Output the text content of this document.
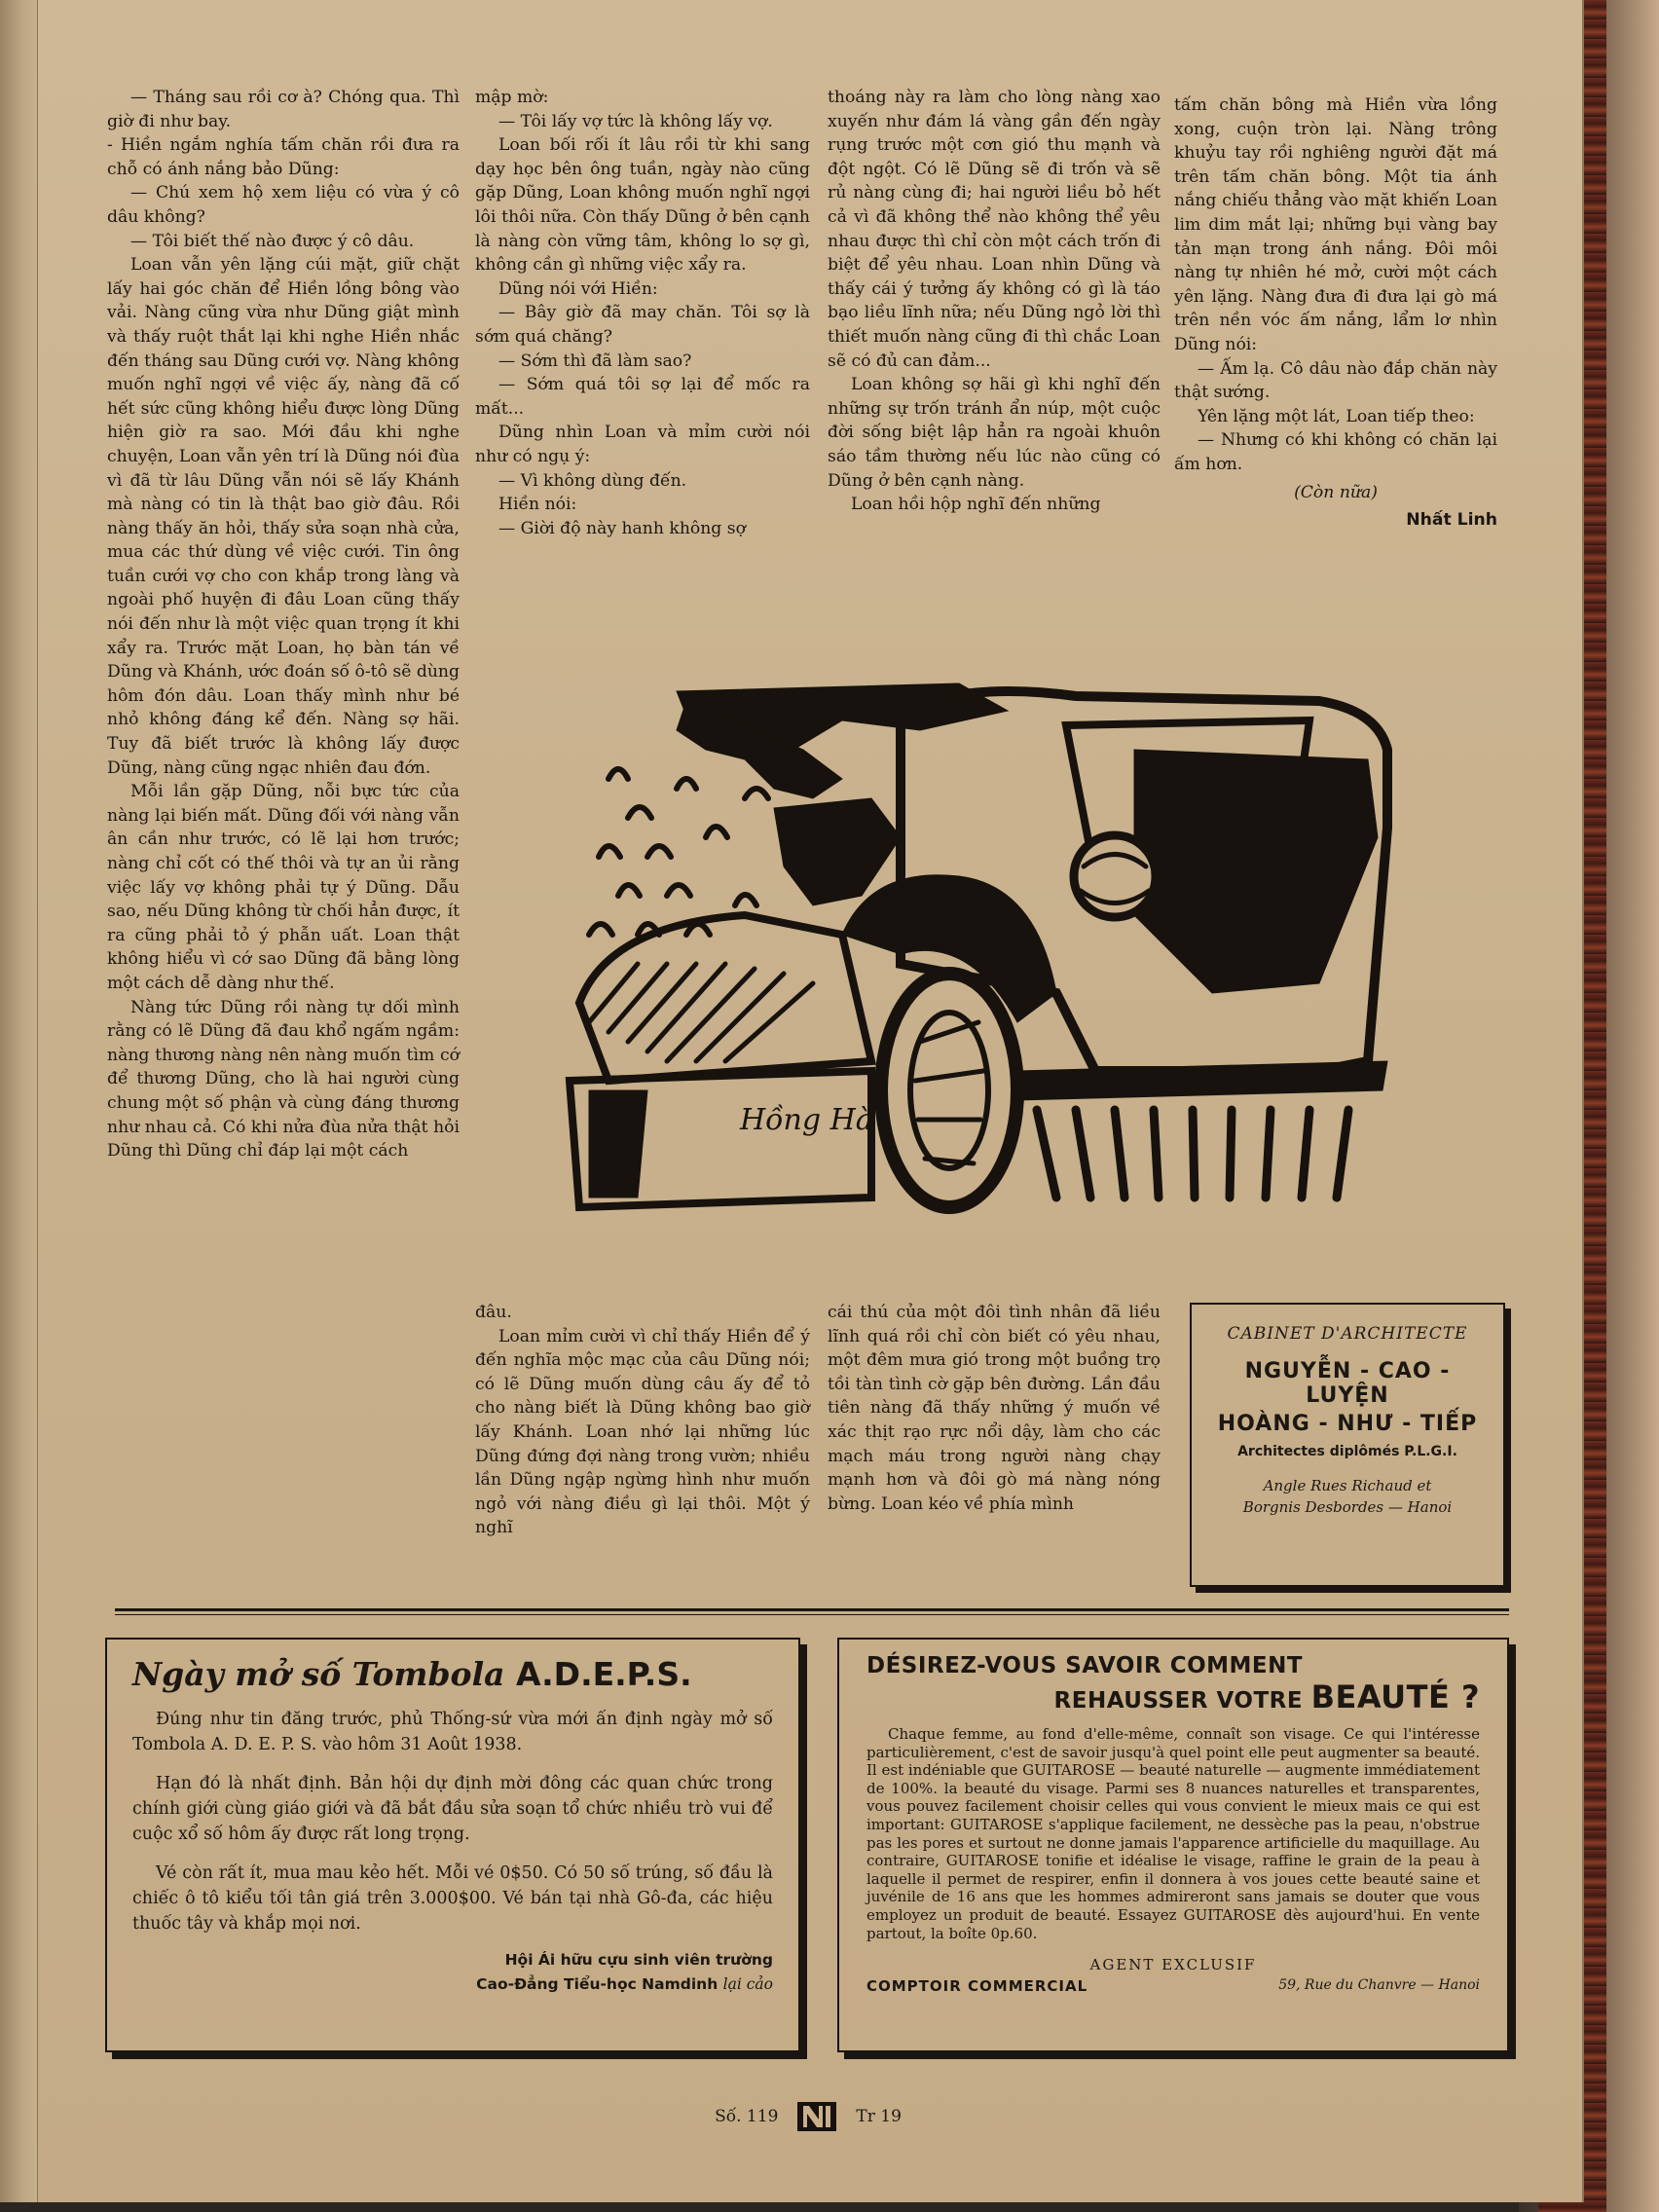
— Tháng sau rồi cơ à? Chóng qua. Thì giờ đi như bay.

- Hiền ngắm nghía tấm chăn rồi đưa ra chỗ có ánh nắng bảo Dũng:

— Chú xem hộ xem liệu có vừa ý cô dâu không?

— Tôi biết thế nào được ý cô dâu.

Loan vẫn yên lặng cúi mặt, giữ chặt lấy hai góc chăn để Hiền lồng bông vào vải. Nàng cũng vừa như Dũng giật mình và thấy ruột thắt lại khi nghe Hiền nhắc đến tháng sau Dũng cưới vợ. Nàng không muốn nghĩ ngợi về việc ấy, nàng đã cố hết sức cũng không hiểu được lòng Dũng hiện giờ ra sao. Mới đầu khi nghe chuyện, Loan vẫn yên trí là Dũng nói đùa vì đã từ lâu Dũng vẫn nói sẽ lấy Khánh mà nàng có tin là thật bao giờ đâu. Rồi nàng thấy ăn hỏi, thấy sửa soạn nhà cửa, mua các thứ dùng về việc cưới. Tin ông tuần cưới vợ cho con khắp trong làng và ngoài phố huyện đi đâu Loan cũng thấy nói đến như là một việc quan trọng ít khi xẩy ra. Trước mặt Loan, họ bàn tán về Dũng và Khánh, ước đoán số ô-tô sẽ dùng hôm đón dâu. Loan thấy mình như bé nhỏ không đáng kể đến. Nàng sợ hãi. Tuy đã biết trước là không lấy được Dũng, nàng cũng ngạc nhiên đau đớn.

Mỗi lần gặp Dũng, nỗi bực tức của nàng lại biến mất. Dũng đối với nàng vẫn ân cần như trước, có lẽ lại hơn trước; nàng chỉ cốt có thế thôi và tự an ủi rằng việc lấy vợ không phải tự ý Dũng. Dẫu sao, nếu Dũng không từ chối hẳn được, ít ra cũng phải tỏ ý phẫn uất. Loan thật không hiểu vì cớ sao Dũng đã bằng lòng một cách dễ dàng như thế.

Nàng tức Dũng rồi nàng tự dối mình rằng có lẽ Dũng đã đau khổ ngấm ngầm: nàng thương nàng nên nàng muốn tìm cớ để thương Dũng, cho là hai người cùng chung một số phận và cùng đáng thương như nhau cả. Có khi nửa đùa nửa thật hỏi Dũng thì Dũng chỉ đáp lại một cách

mập mờ:

— Tôi lấy vợ tức là không lấy vợ.

Loan bối rối ít lâu rồi từ khi sang dạy học bên ông tuần, ngày nào cũng gặp Dũng, Loan không muốn nghĩ ngợi lôi thôi nữa. Còn thấy Dũng ở bên cạnh là nàng còn vững tâm, không lo sợ gì, không cần gì những việc xẩy ra.

Dũng nói với Hiền:

— Bây giờ đã may chăn. Tôi sợ là sớm quá chăng?

— Sớm thì đã làm sao?

— Sớm quá tôi sợ lại để mốc ra mất...

Dũng nhìn Loan và mỉm cười nói như có ngụ ý:

— Vì không dùng đến.

Hiền nói:

— Giời độ này hanh không sợ

thoáng này ra làm cho lòng nàng xao xuyến như đám lá vàng gần đến ngày rụng trước một cơn gió thu mạnh và đột ngột. Có lẽ Dũng sẽ đi trốn và sẽ rủ nàng cùng đi; hai người liều bỏ hết cả vì đã không thể nào không thể yêu nhau được thì chỉ còn một cách trốn đi biệt để yêu nhau. Loan nhìn Dũng và thấy cái ý tưởng ấy không có gì là táo bạo liều lĩnh nữa; nếu Dũng ngỏ lời thì thiết muốn nàng cũng đi thì chắc Loan sẽ có đủ can đảm...

Loan không sợ hãi gì khi nghĩ đến những sự trốn tránh ẩn núp, một cuộc đời sống biệt lập hẳn ra ngoài khuôn sáo tầm thường nếu lúc nào cũng có Dũng ở bên cạnh nàng.

Loan hồi hộp nghĩ đến những

tấm chăn bông mà Hiền vừa lồng xong, cuộn tròn lại. Nàng trông khuỷu tay rồi nghiêng người đặt má trên tấm chăn bông. Một tia ánh nắng chiếu thẳng vào mặt khiến Loan lim dim mắt lại; những bụi vàng bay tản mạn trong ánh nắng. Đôi môi nàng tự nhiên hé mở, cười một cách yên lặng. Nàng đưa đi đưa lại gò má trên nền vóc ấm nắng, lẩm lơ nhìn Dũng nói:

— Ấm lạ. Cô dâu nào đắp chăn này thật sướng.

Yên lặng một lát, Loan tiếp theo:

— Nhưng có khi không có chăn lại ấm hơn.

(Còn nữa)
Nhất Linh
Hồng Hà

đâu.

Loan mỉm cười vì chỉ thấy Hiền để ý đến nghĩa mộc mạc của câu Dũng nói; có lẽ Dũng muốn dùng câu ấy để tỏ cho nàng biết là Dũng không bao giờ lấy Khánh. Loan nhớ lại những lúc Dũng đứng đợi nàng trong vườn; nhiều lần Dũng ngập ngừng hình như muốn ngỏ với nàng điều gì lại thôi. Một ý nghĩ

cái thú của một đôi tình nhân đã liều lĩnh quá rồi chỉ còn biết có yêu nhau, một đêm mưa gió trong một buồng trọ tồi tàn tình cờ gặp bên đường. Lần đầu tiên nàng đã thấy những ý muốn về xác thịt rạo rực nổi dậy, làm cho các mạch máu trong người nàng chạy mạnh hơn và đôi gò má nàng nóng bừng. Loan kéo về phía mình

CABINET D'ARCHITECTE
NGUYỄN - CAO - LUYỆN
HOÀNG - NHƯ - TIẾP
Architectes diplômés P.L.G.I.
Angle Rues Richaud et
Borgnis Desbordes — Hanoi
Ngày mở số Tombola A.D.E.P.S.

Đúng như tin đăng trước, phủ Thống-sứ vừa mới ấn định ngày mở số Tombola A. D. E. P. S. vào hôm 31 Août 1938.

Hạn đó là nhất định. Bản hội dự định mời đông các quan chức trong chính giới cùng giáo giới và đã bắt đầu sửa soạn tổ chức nhiều trò vui để cuộc xổ số hôm ấy được rất long trọng.

Vé còn rất ít, mua mau kẻo hết. Mỗi vé 0$50. Có 50 số trúng, số đầu là chiếc ô tô kiểu tối tân giá trên 3.000$00. Vé bán tại nhà Gô-đa, các hiệu thuốc tây và khắp mọi nơi.

Hội Ái hữu cựu sinh viên trường
Cao-Đẳng Tiểu-học Namdinh lại cảo
DÉSIREZ-VOUS SAVOIR COMMENT
REHAUSSER VOTRE BEAUTÉ ?
Chaque femme, au fond d'elle-même, connaît son visage. Ce qui l'intéresse particulièrement, c'est de savoir jusqu'à quel point elle peut augmenter sa beauté. Il est indéniable que GUITAROSE — beauté naturelle — augmente immédiatement de 100%. la beauté du visage. Parmi ses 8 nuances naturelles et transparentes, vous pouvez facilement choisir celles qui vous convient le mieux mais ce qui est important: GUITAROSE s'applique facilement, ne dessèche pas la peau, n'obstrue pas les pores et surtout ne donne jamais l'apparence artificielle du maquillage. Au contraire, GUITAROSE tonifie et idéalise le visage, raffine le grain de la peau à laquelle il permet de respirer, enfin il donnera à vos joues cette beauté saine et juvénile de 16 ans que les hommes admireront sans jamais se douter que vous employez un produit de beauté. Essayez GUITAROSE dès aujourd'hui. En vente partout, la boîte 0p.60.
AGENT EXCLUSIF
COMPTOIR COMMERCIAL	59, Rue du Chanvre — Hanoi
Số. 119	Tr 19
